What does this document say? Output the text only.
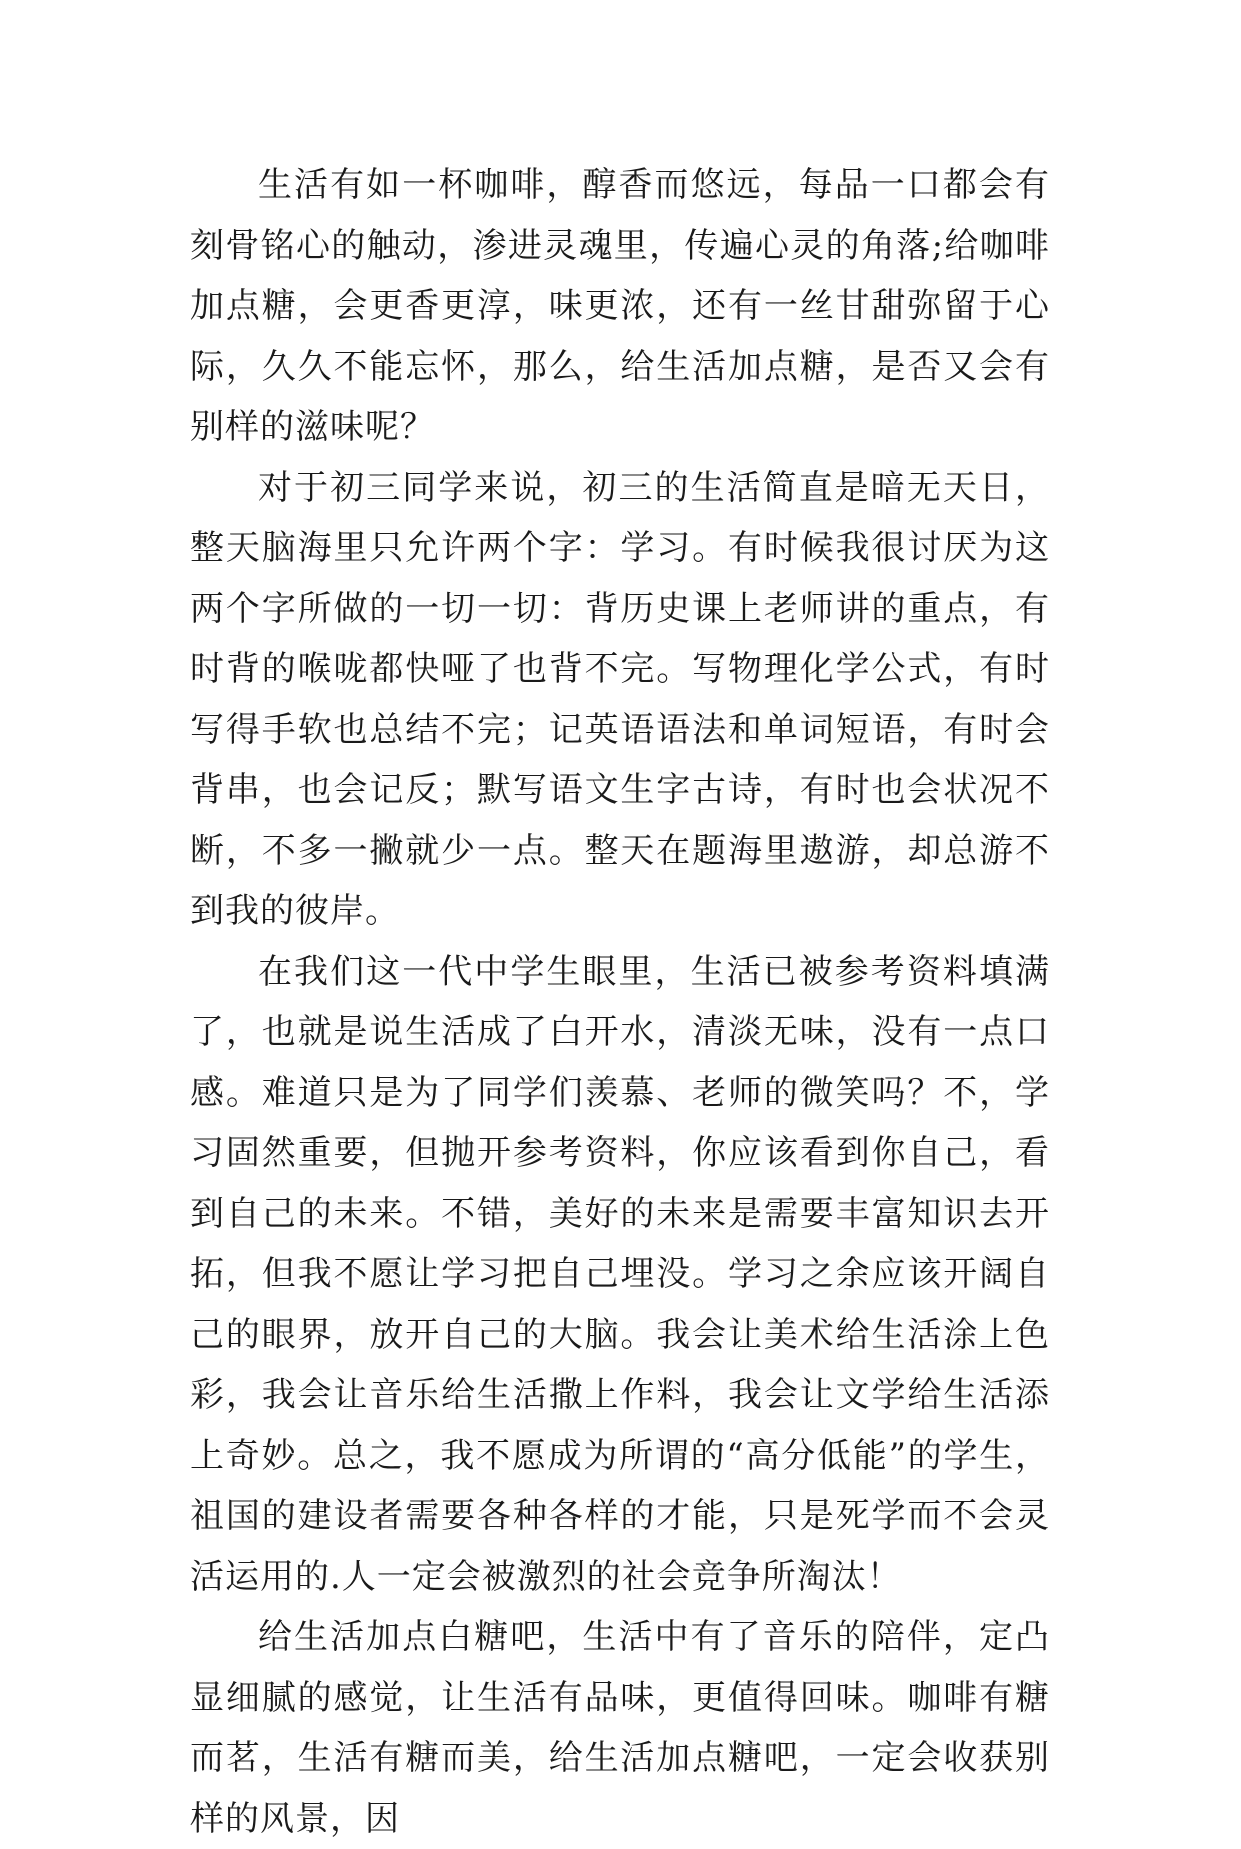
生活有如一杯咖啡，醇香而悠远，每品一口都会有刻骨铭心的触动，渗进灵魂里，传遍心灵的角落;给咖啡加点糖，会更香更淳，味更浓，还有一丝甘甜弥留于心际，久久不能忘怀，那么，给生活加点糖，是否又会有别样的滋味呢？

对于初三同学来说，初三的生活简直是暗无天日，整天脑海里只允许两个字：学习。有时候我很讨厌为这两个字所做的一切一切：背历史课上老师讲的重点，有时背的喉咙都快哑了也背不完。写物理化学公式，有时写得手软也总结不完；记英语语法和单词短语，有时会背串，也会记反；默写语文生字古诗，有时也会状况不断，不多一撇就少一点。整天在题海里遨游，却总游不到我的彼岸。

在我们这一代中学生眼里，生活已被参考资料填满了，也就是说生活成了白开水，清淡无味，没有一点口感。难道只是为了同学们羡慕、老师的微笑吗？不，学习固然重要，但抛开参考资料，你应该看到你自己，看到自己的未来。不错，美好的未来是需要丰富知识去开拓，但我不愿让学习把自己埋没。学习之余应该开阔自己的眼界，放开自己的大脑。我会让美术给生活涂上色彩，我会让音乐给生活撒上作料，我会让文学给生活添上奇妙。总之，我不愿成为所谓的“高分低能”的学生，祖国的建设者需要各种各样的才能，只是死学而不会灵活运用的.人一定会被激烈的社会竞争所淘汰！

给生活加点白糖吧，生活中有了音乐的陪伴，定凸显细腻的感觉，让生活有品味，更值得回味。咖啡有糖而茗，生活有糖而美，给生活加点糖吧，一定会收获别样的风景，因
